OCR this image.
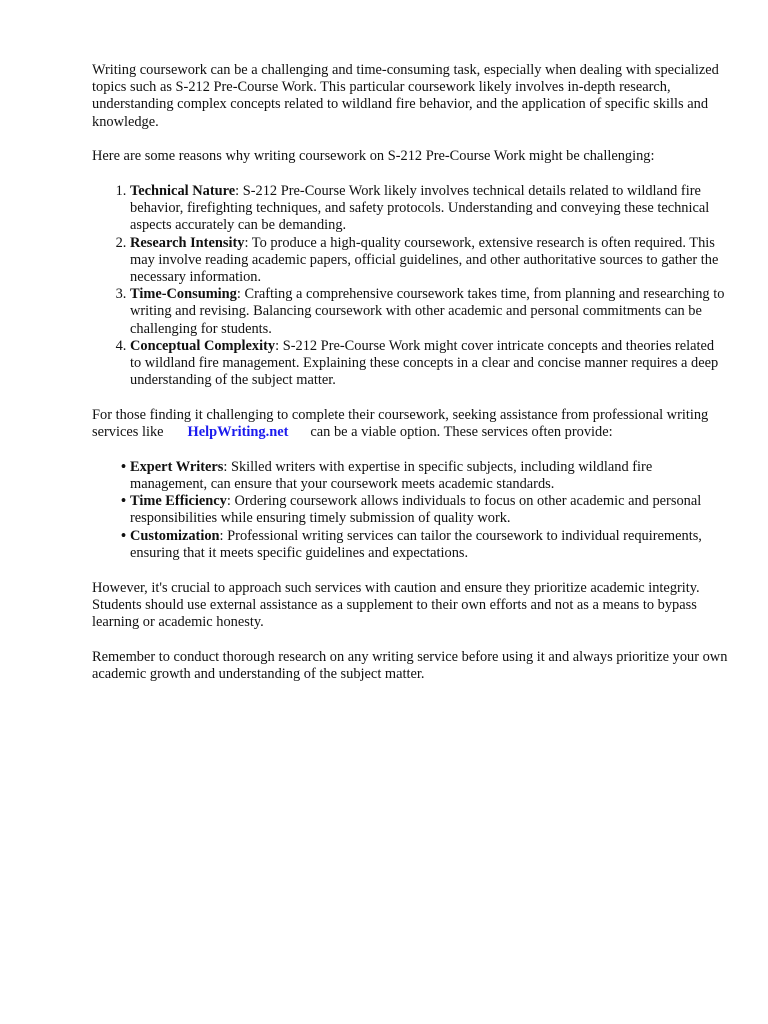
Writing coursework can be a challenging and time-consuming task, especially when dealing with specialized topics such as S-212 Pre-Course Work. This particular coursework likely involves in-depth research, understanding complex concepts related to wildland fire behavior, and the application of specific skills and knowledge.

Here are some reasons why writing coursework on S-212 Pre-Course Work might be challenging:

1. Technical Nature: S-212 Pre-Course Work likely involves technical details related to wildland fire behavior, firefighting techniques, and safety protocols. Understanding and conveying these technical aspects accurately can be demanding.
2. Research Intensity: To produce a high-quality coursework, extensive research is often required. This may involve reading academic papers, official guidelines, and other authoritative sources to gather the necessary information.
3. Time-Consuming: Crafting a comprehensive coursework takes time, from planning and researching to writing and revising. Balancing coursework with other academic and personal commitments can be challenging for students.
4. Conceptual Complexity: S-212 Pre-Course Work might cover intricate concepts and theories related to wildland fire management. Explaining these concepts in a clear and concise manner requires a deep understanding of the subject matter.

For those finding it challenging to complete their coursework, seeking assistance from professional writing services like HelpWriting.net can be a viable option. These services often provide:

• Expert Writers: Skilled writers with expertise in specific subjects, including wildland fire management, can ensure that your coursework meets academic standards.
• Time Efficiency: Ordering coursework allows individuals to focus on other academic and personal responsibilities while ensuring timely submission of quality work.
• Customization: Professional writing services can tailor the coursework to individual requirements, ensuring that it meets specific guidelines and expectations.

However, it's crucial to approach such services with caution and ensure they prioritize academic integrity. Students should use external assistance as a supplement to their own efforts and not as a means to bypass learning or academic honesty.

Remember to conduct thorough research on any writing service before using it and always prioritize your own academic growth and understanding of the subject matter.
